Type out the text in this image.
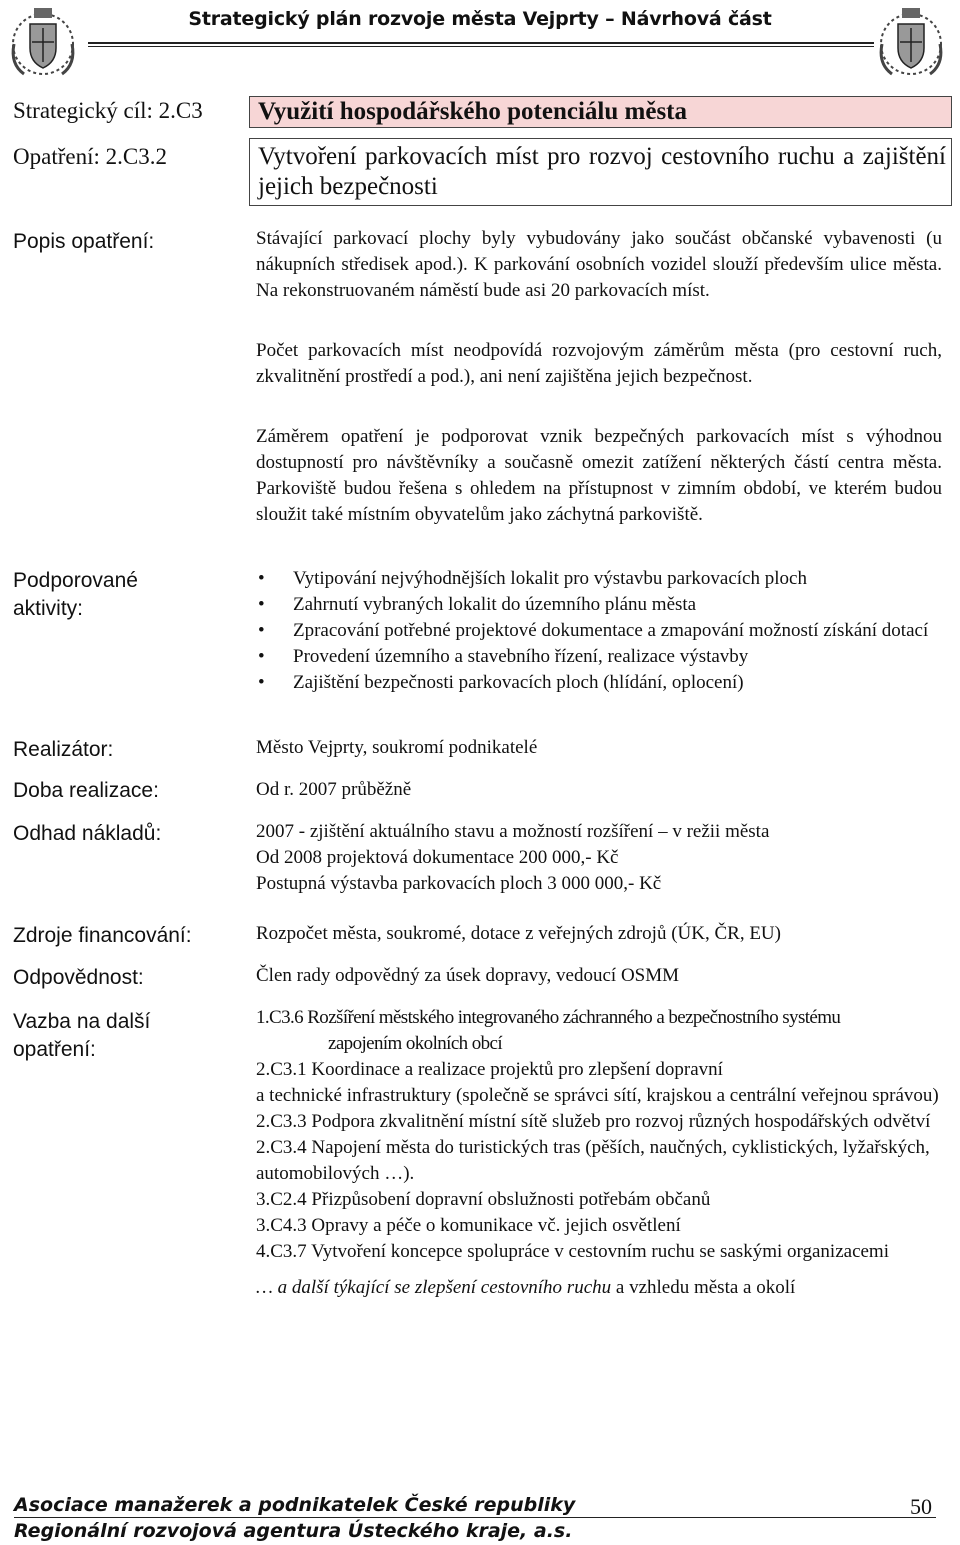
Strategický plán rozvoje města Vejprty – Návrhová část
Strategický cíl: 2.C3
Opatření: 2.C3.2
Popis opatření:
Podporované
aktivity:
Realizátor:
Doba realizace:
Odhad nákladů:
Zdroje financování:
Odpovědnost:
Vazba na další
opatření:
Využití hospodářského potenciálu města
Vytvoření parkovacích míst pro rozvoj cestovního ruchu a zajištění jejich bezpečnosti
Stávající parkovací plochy byly vybudovány jako součást občanské vybavenosti (u nákupních středisek apod.). K parkování osobních vozidel slouží především ulice města. Na rekonstruovaném náměstí bude asi 20 parkovacích míst.
Počet parkovacích míst neodpovídá rozvojovým záměrům města (pro cestovní ruch, zkvalitnění prostředí a pod.), ani není zajištěna jejich bezpečnost.
Záměrem opatření je podporovat vznik bezpečných parkovacích míst s výhodnou dostupností pro návštěvníky a současně omezit zatížení některých částí centra města. Parkoviště budou řešena s ohledem na přístupnost v zimním období, ve kterém budou sloužit také místním obyvatelům jako záchytná parkoviště.
• Vytipování nejvýhodnějších lokalit pro výstavbu parkovacích ploch
• Zahrnutí vybraných lokalit do územního plánu města
• Zpracování potřebné projektové dokumentace a zmapování možností získání dotací
• Provedení územního a stavebního řízení, realizace výstavby
• Zajištění bezpečnosti parkovacích ploch (hlídání, oplocení)
Město Vejprty, soukromí podnikatelé
Od r. 2007 průběžně
2007 - zjištění aktuálního stavu a možností rozšíření – v režii města
Od 2008 projektová dokumentace 200 000,- Kč
Postupná výstavba parkovacích ploch 3 000 000,- Kč
Rozpočet města, soukromé, dotace z veřejných zdrojů (ÚK, ČR, EU)
Člen rady odpovědný za úsek dopravy, vedoucí OSMM
1.C3.6 Rozšíření městského integrovaného záchranného a bezpečnostního systému
zapojením okolních obcí
2.C3.1 Koordinace a realizace projektů pro zlepšení dopravní
a technické infrastruktury (společně se správci sítí, krajskou a centrální veřejnou správou)
2.C3.3 Podpora zkvalitnění místní sítě služeb pro rozvoj různých hospodářských odvětví
2.C3.4 Napojení města do turistických tras (pěších, naučných, cyklistických, lyžařských, automobilových …).
3.C2.4 Přizpůsobení dopravní obslužnosti potřebám občanů
3.C4.3 Opravy a péče o komunikace vč. jejich osvětlení
4.C3.7 Vytvoření koncepce spolupráce v cestovním ruchu se saskými organizacemi
… a další týkající se zlepšení cestovního ruchu a vzhledu města a okolí
Asociace manažerek a podnikatelek České republiky
Regionální rozvojová agentura Ústeckého kraje, a.s.
50
